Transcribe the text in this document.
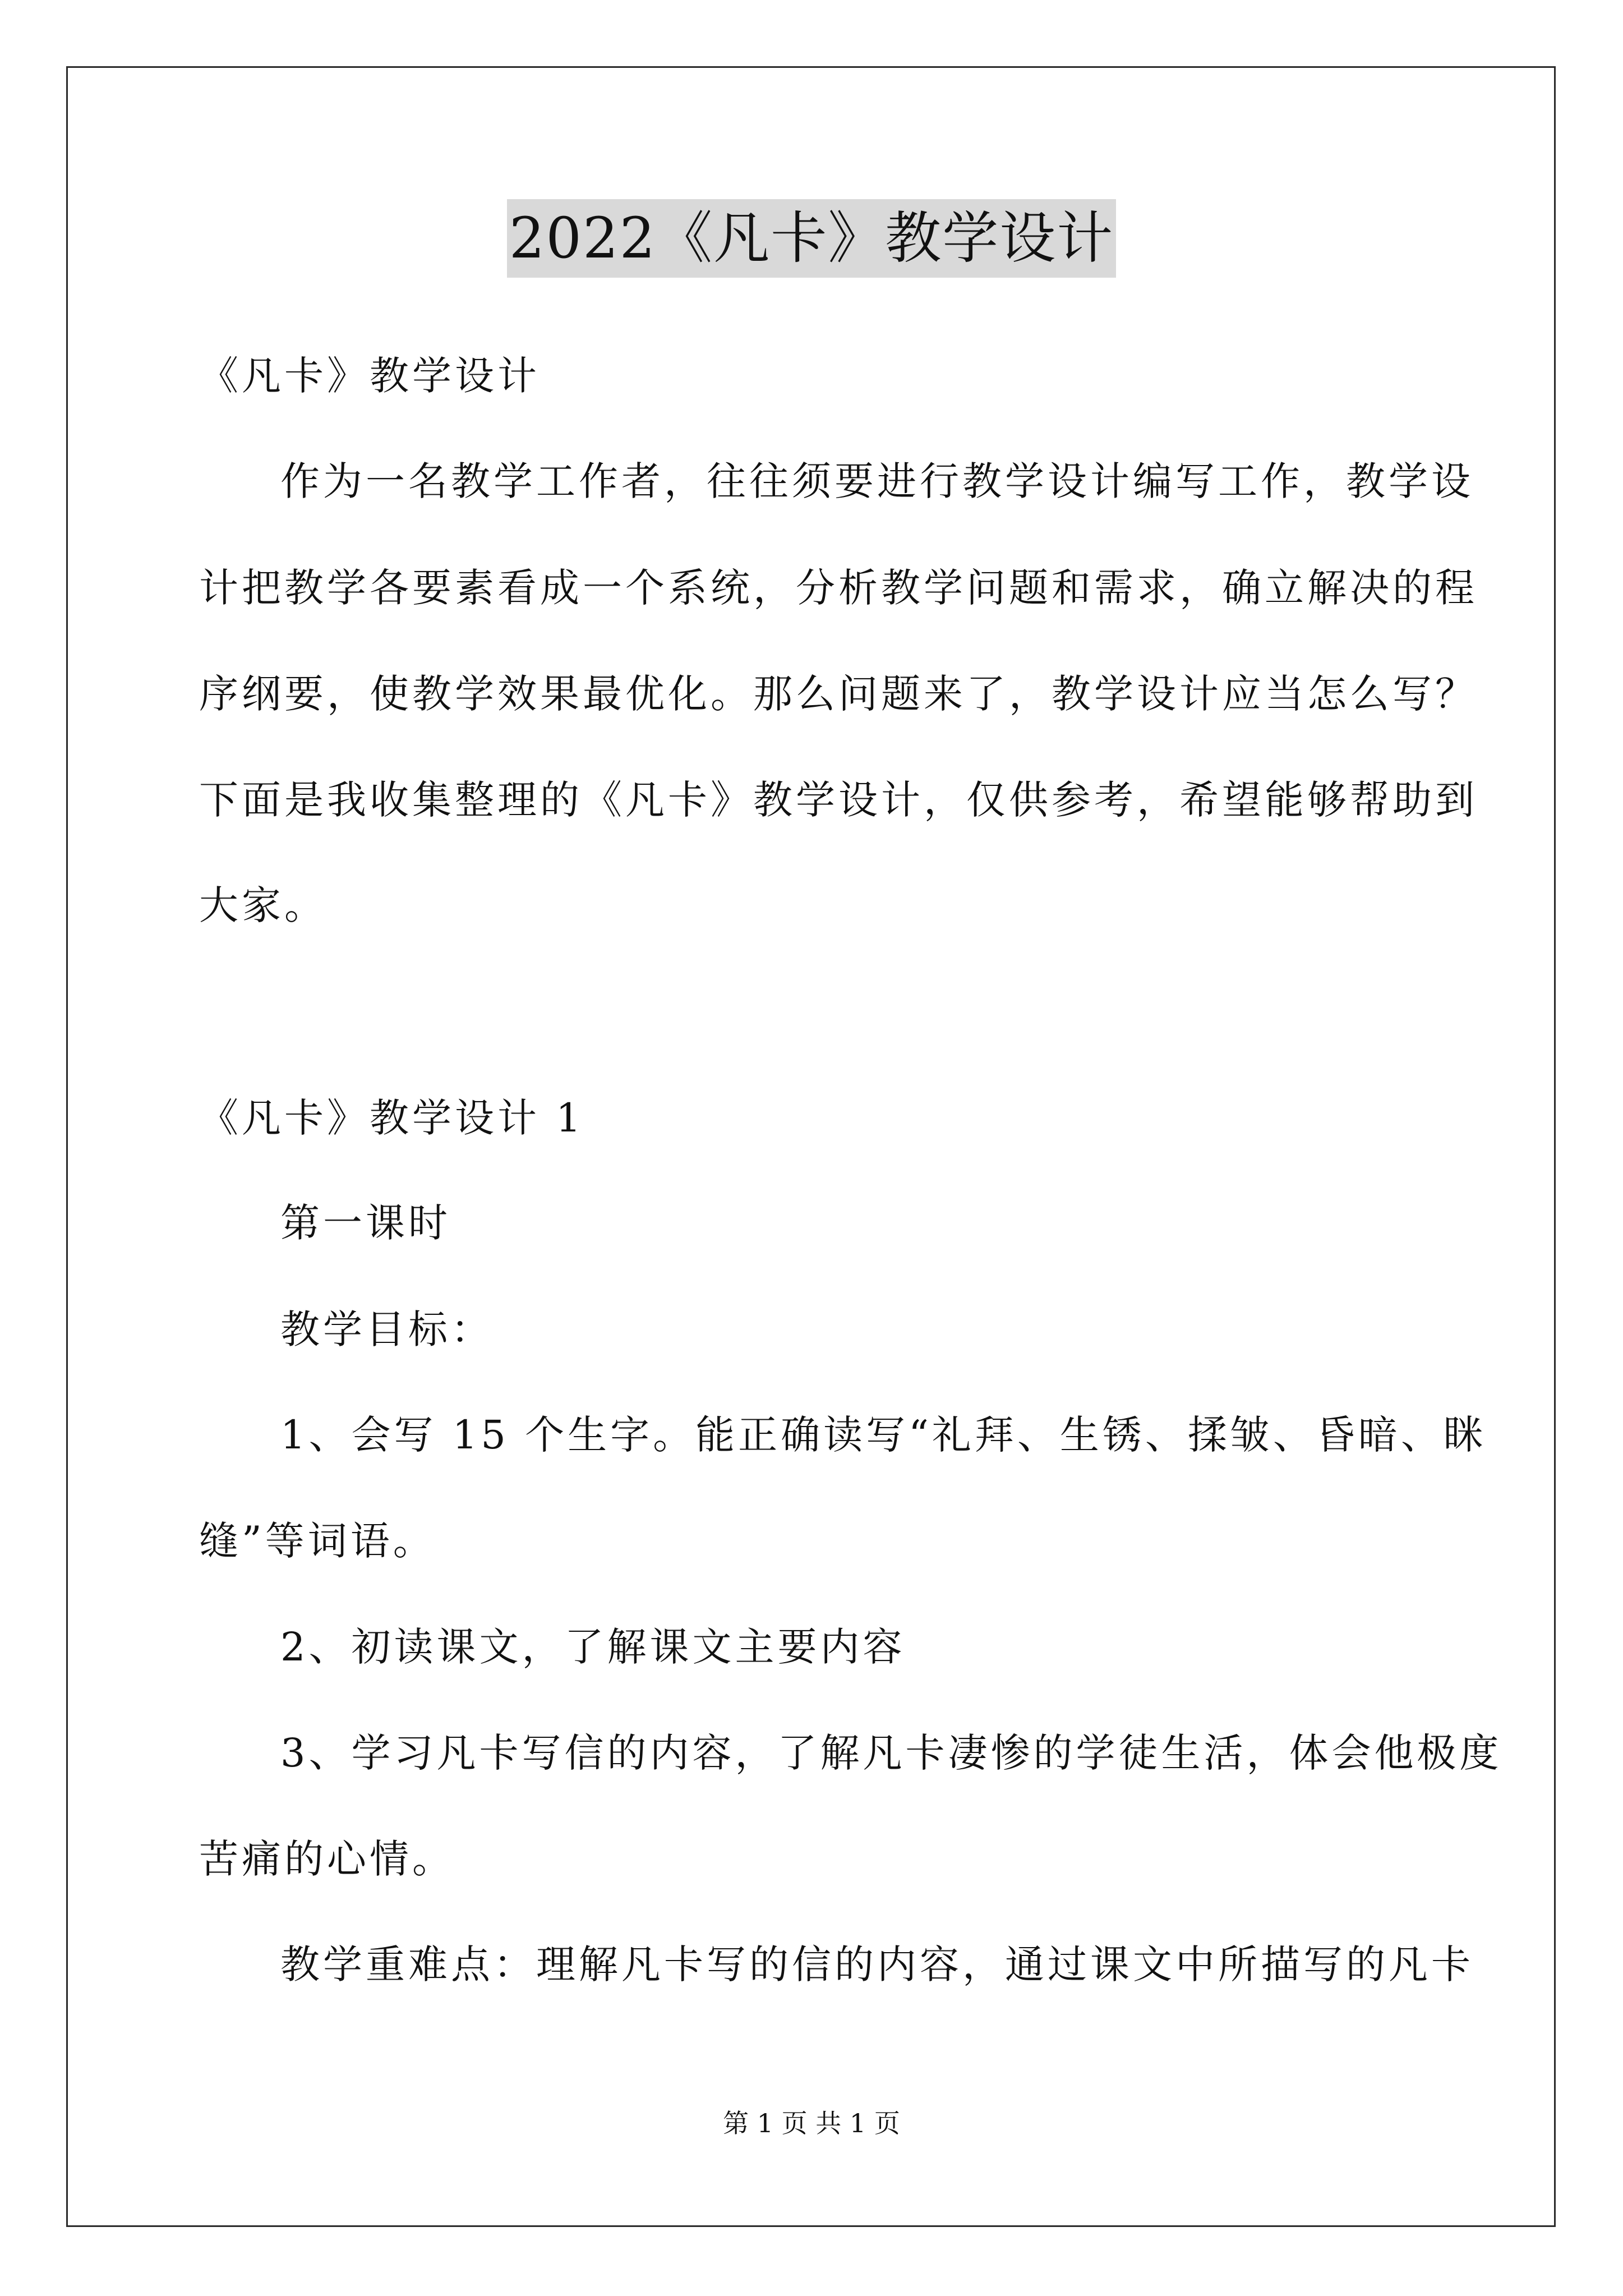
2022《凡卡》教学设计
《凡卡》教学设计
作为一名教学工作者，往往须要进行教学设计编写工作，教学设
计把教学各要素看成一个系统，分析教学问题和需求，确立解决的程
序纲要，使教学效果最优化。那么问题来了，教学设计应当怎么写？
下面是我收集整理的《凡卡》教学设计，仅供参考，希望能够帮助到
大家。
《凡卡》教学设计 1
第一课时
教学目标：
1、会写 15 个生字。能正确读写“礼拜、生锈、揉皱、昏暗、眯
缝”等词语。
2、初读课文，了解课文主要内容
3、学习凡卡写信的内容，了解凡卡凄惨的学徒生活，体会他极度
苦痛的心情。
教学重难点：理解凡卡写的信的内容，通过课文中所描写的凡卡
第 1 页 共 1 页
